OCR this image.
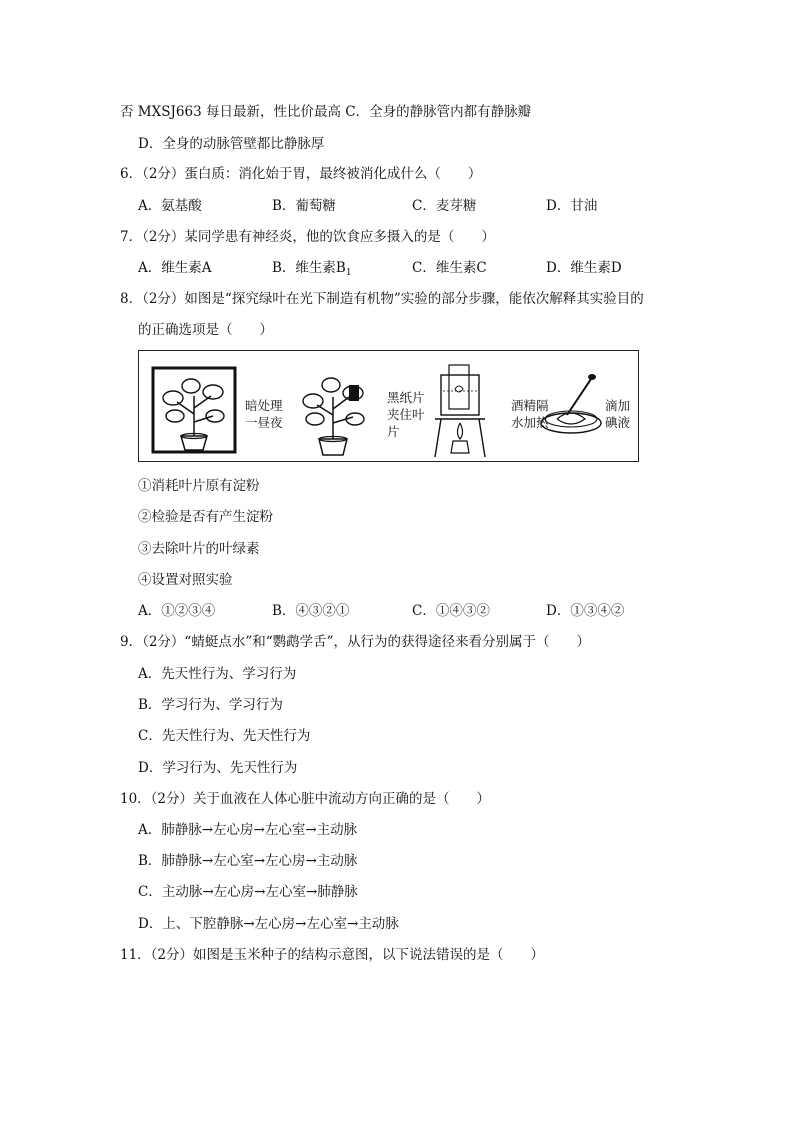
否 MXSJ663 每日最新，性比价最高 C．全身的静脉管内都有静脉瓣
D．全身的动脉管壁都比静脉厚
6．（2分）蛋白质：消化始于胃，最终被消化成什么（　　）
A．氨基酸	B．葡萄糖	C．麦芽糖	D．甘油
7．（2分）某同学患有神经炎，他的饮食应多摄入的是（　　）
A．维生素A	B．维生素$B_1$	C．维生素C	D．维生素D
8．（2分）如图是“探究绿叶在光下制造有机物”实验的部分步骤，能依次解释其实验目的
的正确选项是（　　）
暗处理一昼夜
黑纸片夹住叶片
酒精隔水加热
滴加碘液
①消耗叶片原有淀粉
②检验是否有产生淀粉
③去除叶片的叶绿素
④设置对照实验
A．①②③④	B．④③②①	C．①④③②	D．①③④②
9．（2分）“蜻蜓点水”和“鹦鹉学舌”，从行为的获得途径来看分别属于（　　）
A．先天性行为、学习行为
B．学习行为、学习行为
C．先天性行为、先天性行为
D．学习行为、先天性行为
10．（2分）关于血液在人体心脏中流动方向正确的是（　　）
A．肺静脉→左心房→左心室→主动脉
B．肺静脉→左心室→左心房→主动脉
C．主动脉→左心房→左心室→肺静脉
D．上、下腔静脉→左心房→左心室→主动脉
11．（2分）如图是玉米种子的结构示意图，以下说法错误的是（　　）
